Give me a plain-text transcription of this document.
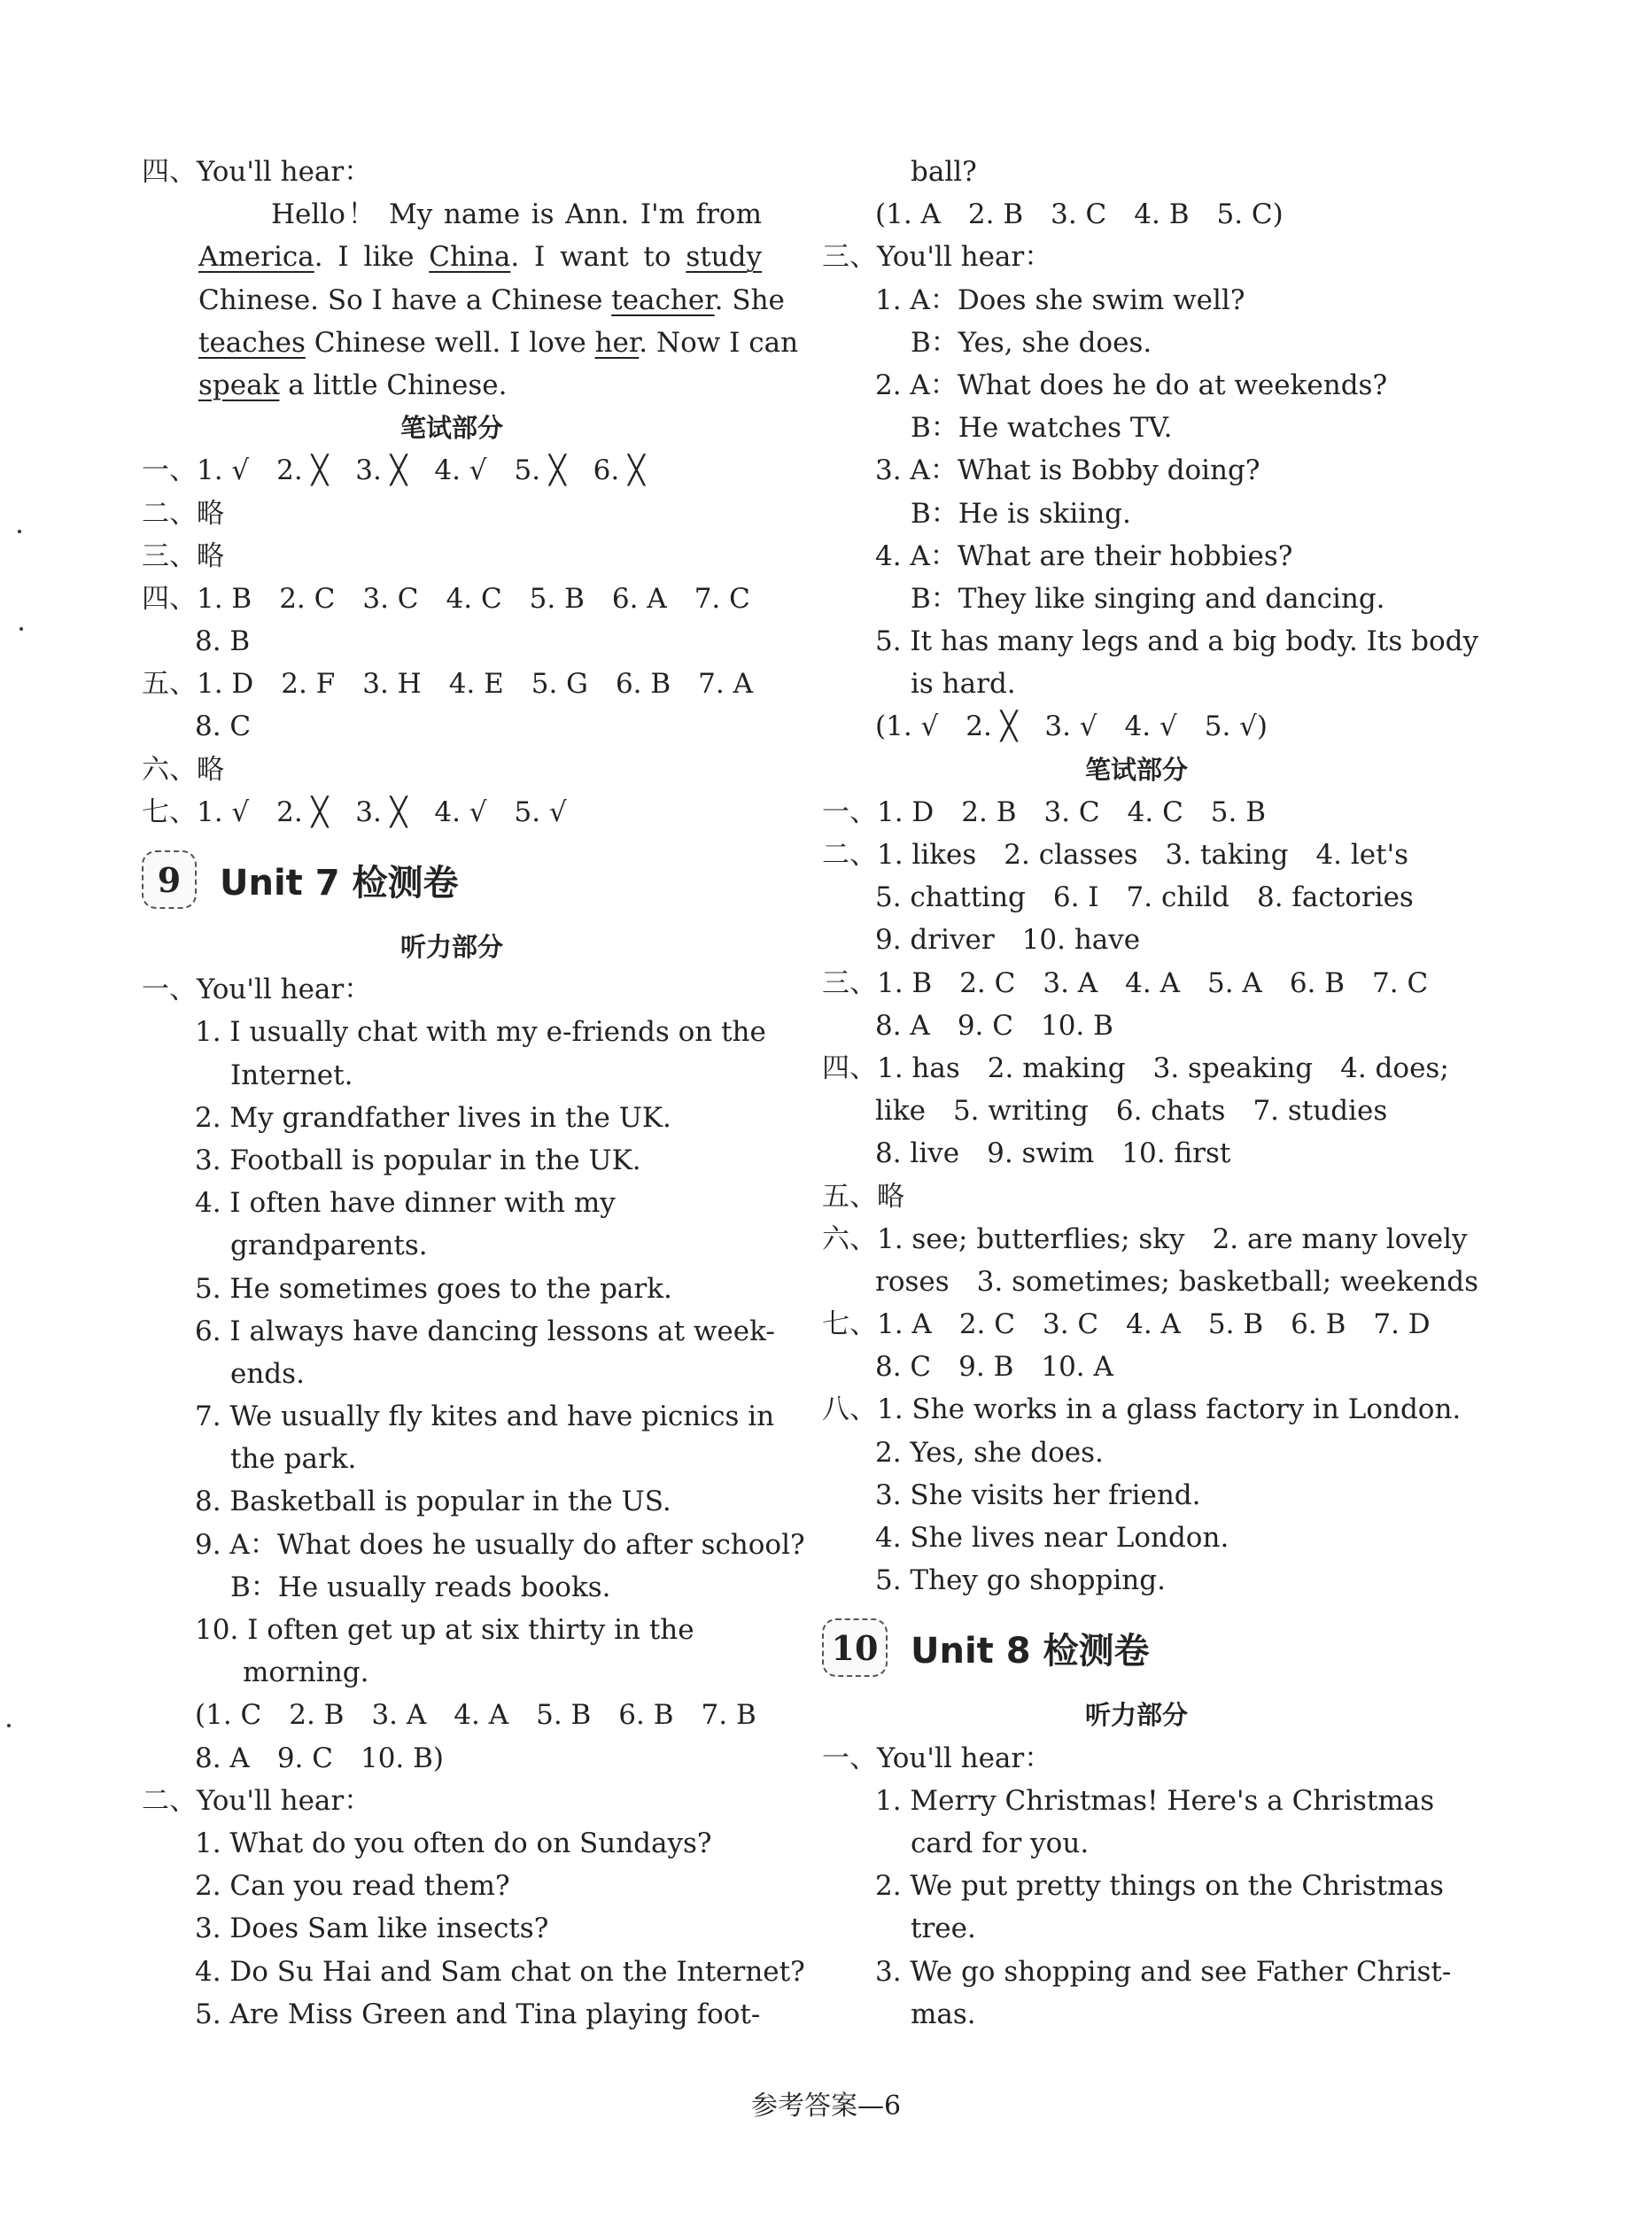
四、You'll hear：
Hello！ My name is Ann. I'm from
America. I like China. I want to study
Chinese. So I have a Chinese teacher. She
teaches Chinese well. I love her. Now I can
speak a little Chinese.
笔试部分
一、1. √　2. ╳　3. ╳　4. √　5. ╳　6. ╳
二、略
三、略
四、1. B　2. C　3. C　4. C　5. B　6. A　7. C
8. B
五、1. D　2. F　3. H　4. E　5. G　6. B　7. A
8. C
六、略
七、1. √　2. ╳　3. ╳　4. √　5. √
9	Unit 7 检测卷
听力部分
一、You'll hear：
1. I usually chat with my e-friends on the
Internet.
2. My grandfather lives in the UK.
3. Football is popular in the UK.
4. I often have dinner with my
grandparents.
5. He sometimes goes to the park.
6. I always have dancing lessons at week-
ends.
7. We usually fly kites and have picnics in
the park.
8. Basketball is popular in the US.
9. A：What does he usually do after school?
B：He usually reads books.
10. I often get up at six thirty in the
morning.
(1. C　2. B　3. A　4. A　5. B　6. B　7. B
8. A　9. C　10. B)
二、You'll hear：
1. What do you often do on Sundays?
2. Can you read them?
3. Does Sam like insects?
4. Do Su Hai and Sam chat on the Internet?
5. Are Miss Green and Tina playing foot-
ball?
(1. A　2. B　3. C　4. B　5. C)
三、You'll hear：
1. A：Does she swim well?
B：Yes, she does.
2. A：What does he do at weekends?
B：He watches TV.
3. A：What is Bobby doing?
B：He is skiing.
4. A：What are their hobbies?
B：They like singing and dancing.
5. It has many legs and a big body. Its body
is hard.
(1. √　2. ╳　3. √　4. √　5. √)
笔试部分
一、1. D　2. B　3. C　4. C　5. B
二、1. likes　2. classes　3. taking　4. let's
5. chatting　6. I　7. child　8. factories
9. driver　10. have
三、1. B　2. C　3. A　4. A　5. A　6. B　7. C
8. A　9. C　10. B
四、1. has　2. making　3. speaking　4. does;
like　5. writing　6. chats　7. studies
8. live　9. swim　10. first
五、略
六、1. see; butterflies; sky　2. are many lovely
roses　3. sometimes; basketball; weekends
七、1. A　2. C　3. C　4. A　5. B　6. B　7. D
8. C　9. B　10. A
八、1. She works in a glass factory in London.
2. Yes, she does.
3. She visits her friend.
4. She lives near London.
5. They go shopping.
10 Unit 8 检测卷
听力部分
一、You'll hear：
1. Merry Christmas! Here's a Christmas
card for you.
2. We put pretty things on the Christmas
tree.
3. We go shopping and see Father Christ-
mas.
参考答案—6
